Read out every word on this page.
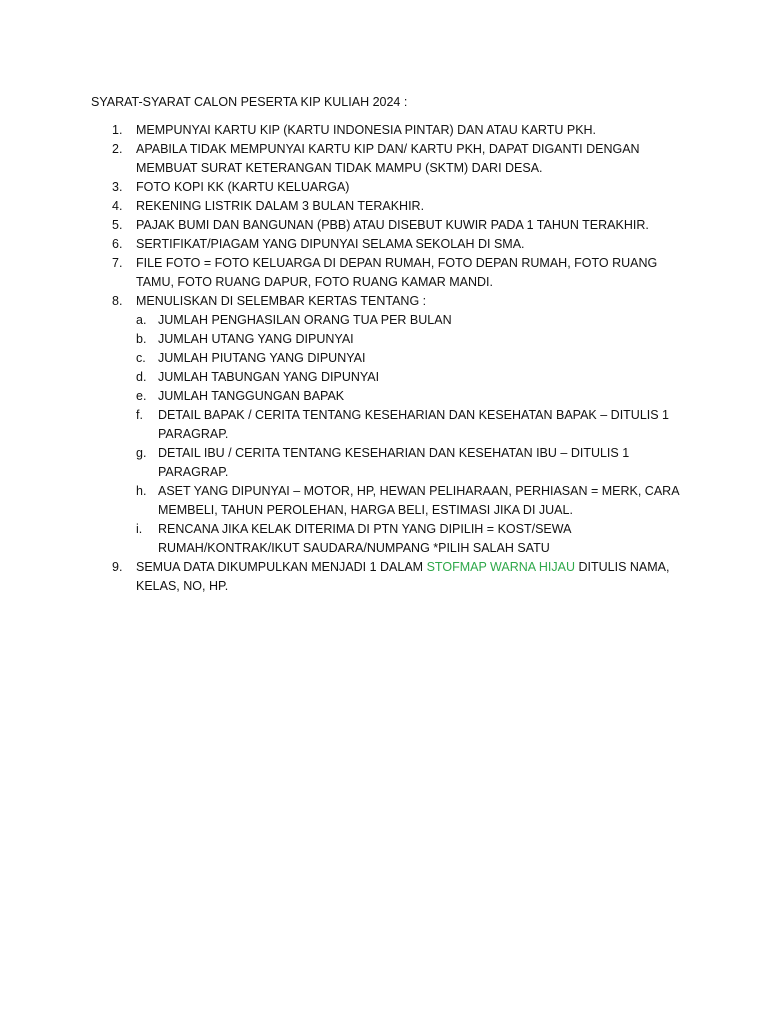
SYARAT-SYARAT CALON PESERTA KIP KULIAH 2024 :

1. MEMPUNYAI KARTU KIP (KARTU INDONESIA PINTAR) DAN ATAU KARTU PKH.
2. APABILA TIDAK MEMPUNYAI KARTU KIP DAN/ KARTU PKH, DAPAT DIGANTI DENGAN MEMBUAT SURAT KETERANGAN TIDAK MAMPU (SKTM) DARI DESA.
3. FOTO KOPI KK (KARTU KELUARGA)
4. REKENING LISTRIK DALAM 3 BULAN TERAKHIR.
5. PAJAK BUMI DAN BANGUNAN (PBB) ATAU DISEBUT KUWIR PADA 1 TAHUN TERAKHIR.
6. SERTIFIKAT/PIAGAM YANG DIPUNYAI SELAMA SEKOLAH DI SMA.
7. FILE FOTO = FOTO KELUARGA DI DEPAN RUMAH, FOTO DEPAN RUMAH, FOTO RUANG TAMU, FOTO RUANG DAPUR, FOTO RUANG KAMAR MANDI.
8. MENULISKAN DI SELEMBAR KERTAS TENTANG :
a. JUMLAH PENGHASILAN ORANG TUA PER BULAN
b. JUMLAH UTANG YANG DIPUNYAI
c. JUMLAH PIUTANG YANG DIPUNYAI
d. JUMLAH TABUNGAN YANG DIPUNYAI
e. JUMLAH TANGGUNGAN BAPAK
f. DETAIL BAPAK / CERITA TENTANG KESEHARIAN DAN KESEHATAN BAPAK – DITULIS 1 PARAGRAP.
g. DETAIL IBU / CERITA TENTANG KESEHARIAN DAN KESEHATAN IBU – DITULIS 1 PARAGRAP.
h. ASET YANG DIPUNYAI – MOTOR, HP, HEWAN PELIHARAAN, PERHIASAN = MERK, CARA MEMBELI, TAHUN PEROLEHAN, HARGA BELI, ESTIMASI JIKA DI JUAL.
i. RENCANA JIKA KELAK DITERIMA DI PTN YANG DIPILIH = KOST/SEWA RUMAH/KONTRAK/IKUT SAUDARA/NUMPANG *PILIH SALAH SATU
9. SEMUA DATA DIKUMPULKAN MENJADI 1 DALAM STOFMAP WARNA HIJAU DITULIS NAMA, KELAS, NO, HP.
